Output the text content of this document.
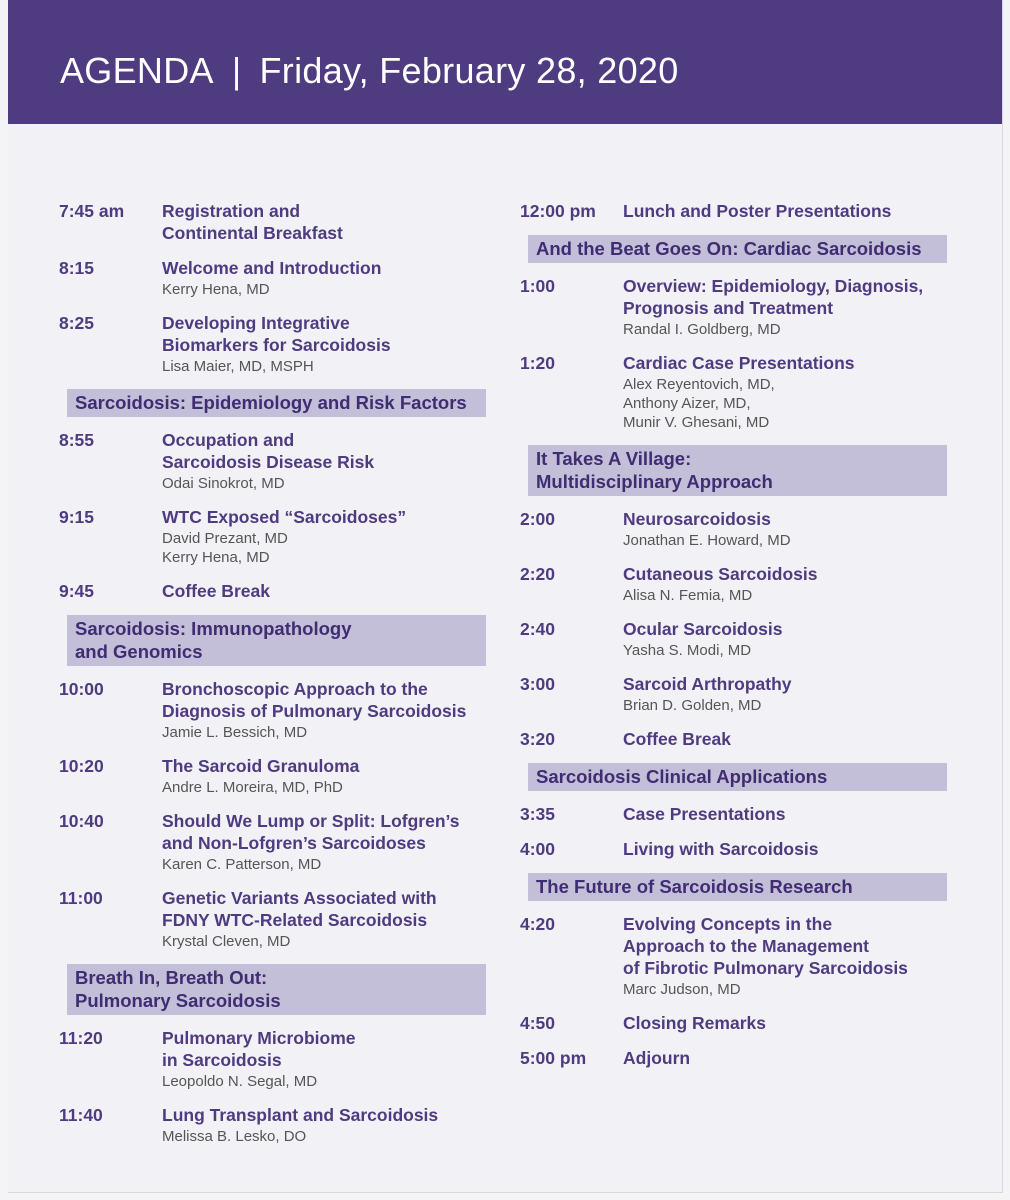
AGENDA | Friday, February 28, 2020
7:45 am Registration and
Continental Breakfast
8:15	Welcome and Introduction
Kerry Hena, MD
8:25	Developing Integrative
Biomarkers for Sarcoidosis
Lisa Maier, MD, MSPH
Sarcoidosis: Epidemiology and Risk Factors
8:55	Occupation and
Sarcoidosis Disease Risk
Odai Sinokrot, MD
9:15	WTC Exposed “Sarcoidoses”
David Prezant, MD
Kerry Hena, MD
9:45	Coffee Break
Sarcoidosis: Immunopathology
and Genomics
10:00	Bronchoscopic Approach to the
Diagnosis of Pulmonary Sarcoidosis
Jamie L. Bessich, MD
10:20	The Sarcoid Granuloma
Andre L. Moreira, MD, PhD
10:40	Should We Lump or Split: Lofgren’s
and Non-Lofgren’s Sarcoidoses
Karen C. Patterson, MD
11:00	Genetic Variants Associated with
FDNY WTC-Related Sarcoidosis
Krystal Cleven, MD
Breath In, Breath Out:
Pulmonary Sarcoidosis
11:20	Pulmonary Microbiome
in Sarcoidosis
Leopoldo N. Segal, MD
11:40	Lung Transplant and Sarcoidosis
Melissa B. Lesko, DO
12:00 pm Lunch and Poster Presentations
And the Beat Goes On: Cardiac Sarcoidosis
1:00	Overview: Epidemiology, Diagnosis,
Prognosis and Treatment
Randal I. Goldberg, MD
1:20	Cardiac Case Presentations
Alex Reyentovich, MD,
Anthony Aizer, MD,
Munir V. Ghesani, MD
It Takes A Village:
Multidisciplinary Approach
2:00	Neurosarcoidosis
Jonathan E. Howard, MD
2:20	Cutaneous Sarcoidosis
Alisa N. Femia, MD
2:40	Ocular Sarcoidosis
Yasha S. Modi, MD
3:00	Sarcoid Arthropathy
Brian D. Golden, MD
3:20	Coffee Break
Sarcoidosis Clinical Applications
3:35	Case Presentations
4:00	Living with Sarcoidosis
The Future of Sarcoidosis Research
4:20	Evolving Concepts in the
Approach to the Management
of Fibrotic Pulmonary Sarcoidosis
Marc Judson, MD
4:50	Closing Remarks
5:00 pm Adjourn
